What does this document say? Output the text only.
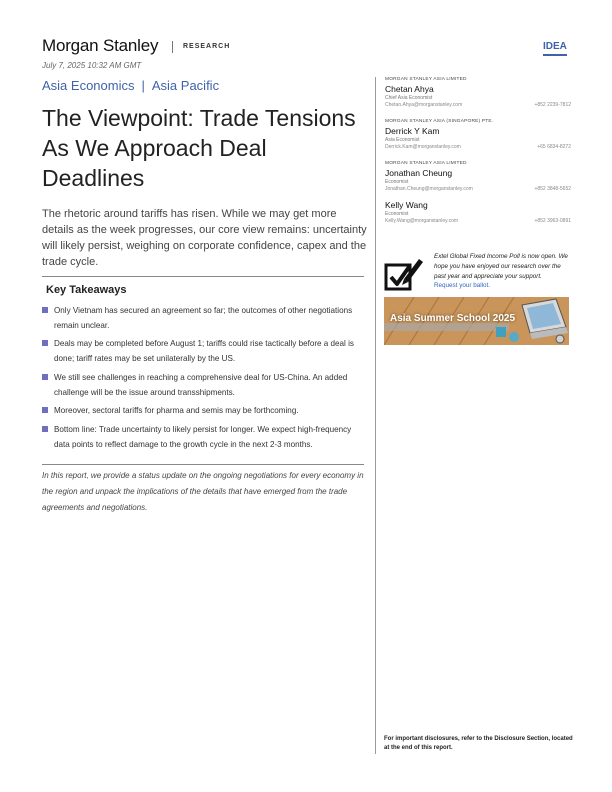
Morgan Stanley	RESEARCH	IDEA
July 7, 2025 10:32 AM GMT
Asia Economics | Asia Pacific
The Viewpoint: Trade Tensions As We Approach Deal Deadlines
The rhetoric around tariffs has risen. While we may get more details as the week progresses, our core view remains: uncertainty will likely persist, weighing on corporate confidence, capex and the trade cycle.
Key Takeaways
Only Vietnam has secured an agreement so far; the outcomes of other negotiations remain unclear.
Deals may be completed before August 1; tariffs could rise tactically before a deal is done; tariff rates may be set unilaterally by the US.
We still see challenges in reaching a comprehensive deal for US-China. An added challenge will be the issue around transshipments.
Moreover, sectoral tariffs for pharma and semis may be forthcoming.
Bottom line: Trade uncertainty to likely persist for longer. We expect high-frequency data points to reflect damage to the growth cycle in the next 2-3 months.
In this report, we provide a status update on the ongoing negotiations for every economy in the region and unpack the implications of the details that have emerged from the trade agreements and negotiations.
MORGAN STANLEY ASIA LIMITED
Chetan Ahya
Chief Asia Economist
Chetan.Ahya@morganstanley.com	+852 2239-7812
MORGAN STANLEY ASIA (SINGAPORE) PTE.
Derrick Y Kam
Asia Economist
Derrick.Kam@morganstanley.com	+65 6834-8272
MORGAN STANLEY ASIA LIMITED
Jonathan Cheung
Economist
Jonathan.Cheung@morganstanley.com	+852 3848-5652
Kelly Wang
Economist
Kelly.Wang@morganstanley.com	+852 3963-0891
Extel Global Fixed Income Poll is now open. We hope you have enjoyed our research over the past year and appreciate your support.
Request your ballot.
Asia Summer School 2025
For important disclosures, refer to the Disclosure Section, located at the end of this report.
